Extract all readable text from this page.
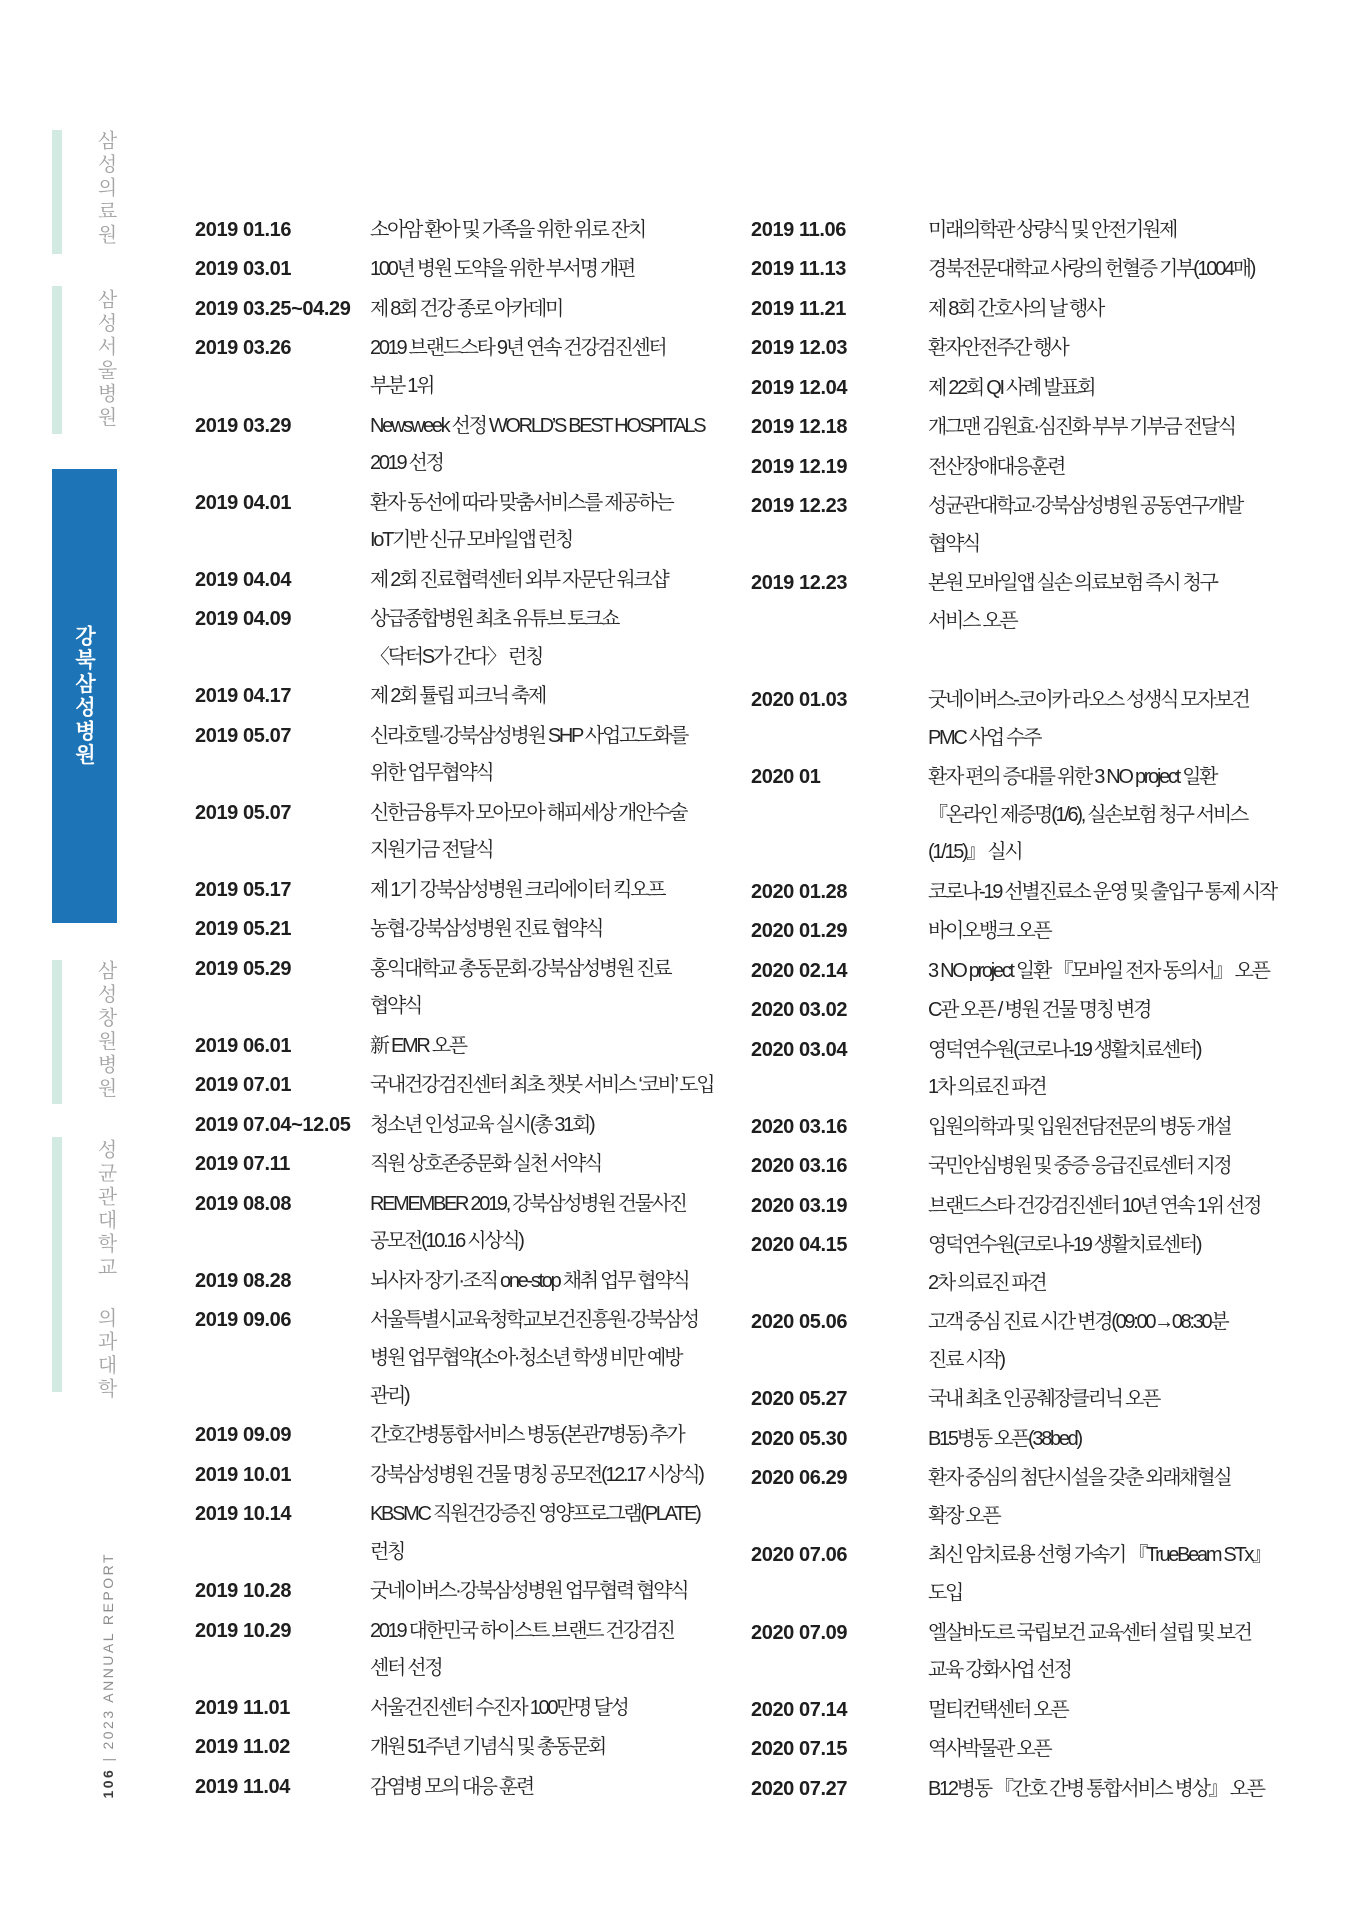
삼성의료원
삼성서울병원
강북삼성병원
삼성창원병원
성균관대학교 의과대학
106|2023 ANNUAL REPORT
2019 01.16	소아암 환아 및 가족을 위한 위로 잔치
2019 03.01	100년 병원 도약을 위한 부서명 개편
2019 03.25~04.29 제 8회 건강 종로 아카데미
2019 03.26	2019 브랜드스타 9년 연속 건강검진센터
부분 1위
2019 03.29	Newsweek 선정 WORLD’S BEST HOSPITALS
2019 선정
2019 04.01	환자 동선에 따라 맞춤서비스를 제공하는
IoT기반 신규 모바일앱 런칭
2019 04.04	제 2회 진료협력센터 외부 자문단 워크샵
2019 04.09	상급종합병원 최초 유튜브 토크쇼
〈닥터S가 간다〉 런칭
2019 04.17	제 2회 튤립 피크닉 축제
2019 05.07	신라호텔·강북삼성병원 SHP 사업고도화를
위한 업무협약식
2019 05.07	신한금융투자 모아모아 해피세상 개안수술
지원기금 전달식
2019 05.17	제 1기 강북삼성병원 크리에이터 킥오프
2019 05.21	농협·강북삼성병원 진료 협약식
2019 05.29	홍익대학교 총동문회·강북삼성병원 진료
협약식
2019 06.01	新 EMR 오픈
2019 07.01	국내건강검진센터 최초 챗봇 서비스 ‘코비’ 도입
2019 07.04~12.05 청소년 인성교육 실시(총 31회)
2019 07.11	직원 상호존중문화 실천 서약식
2019 08.08	REMEMBER 2019, 강북삼성병원 건물사진
공모전(10.16 시상식)
2019 08.28	뇌사자 장기·조직 one-stop 채취 업무 협약식
2019 09.06	서울특별시교육청학교보건진흥원·강북삼성
병원 업무협약(소아·청소년 학생 비만 예방
관리)
2019 09.09	간호간병통합서비스 병동(본관7병동) 추가
2019 10.01	강북삼성병원 건물 명칭 공모전(12.17 시상식)
2019 10.14	KBSMC 직원건강증진 영양프로그램(PLATE)
런칭
2019 10.28	굿네이버스·강북삼성병원 업무협력 협약식
2019 10.29	2019 대한민국 하이스트 브랜드 건강검진
센터 선정
2019 11.01	서울건진센터 수진자 100만명 달성
2019 11.02	개원 51주년 기념식 및 총동문회
2019 11.04	감염병 모의 대응 훈련
2019 11.06	미래의학관 상량식 및 안전기원제
2019 11.13	경북전문대학교 사랑의 헌혈증 기부(1004매)
2019 11.21	제 8회 간호사의 날 행사
2019 12.03	환자안전주간 행사
2019 12.04	제 22회 QI 사례 발표회
2019 12.18	개그맨 김원효·심진화 부부 기부금 전달식
2019 12.19	전산장애대응훈련
2019 12.23	성균관대학교·강북삼성병원 공동연구개발
협약식
2019 12.23	본원 모바일앱 실손 의료보험 즉시 청구
서비스 오픈
2020 01.03	굿네이버스-코이카 라오스 성생식 모자보건
PMC 사업 수주
2020 01	환자 편의 증대를 위한 3 NO project 일환
『온라인 제증명(1/6), 실손보험 청구 서비스
(1/15)』 실시
2020 01.28	코로나-19 선별진료소 운영 및 출입구 통제 시작
2020 01.29	바이오뱅크 오픈
2020 02.14	3 NO project 일환 『모바일 전자 동의서』 오픈
2020 03.02	C관 오픈 / 병원 건물 명칭 변경
2020 03.04	영덕연수원(코로나-19 생활치료센터)
1차 의료진 파견
2020 03.16	입원의학과 및 입원전담전문의 병동 개설
2020 03.16	국민안심병원 및 중증 응급진료센터 지정
2020 03.19	브랜드스타 건강검진센터 10년 연속 1위 선정
2020 04.15	영덕연수원(코로나-19 생활치료센터)
2차 의료진 파견
2020 05.06	고객 중심 진료 시간 변경(09:00→08:30분
진료 시작)
2020 05.27	국내 최초 인공췌장클리닉 오픈
2020 05.30	B15병동 오픈(38bed)
2020 06.29	환자 중심의 첨단시설을 갖춘 외래채혈실
확장 오픈
2020 07.06	최신 암치료용 선형 가속기 『TrueBeam STx』
도입
2020 07.09	엘살바도르 국립보건 교육센터 설립 및 보건
교육 강화사업 선정
2020 07.14	멀티컨택센터 오픈
2020 07.15	역사박물관 오픈
2020 07.27	B12병동 『간호 간병 통합서비스 병상』 오픈
